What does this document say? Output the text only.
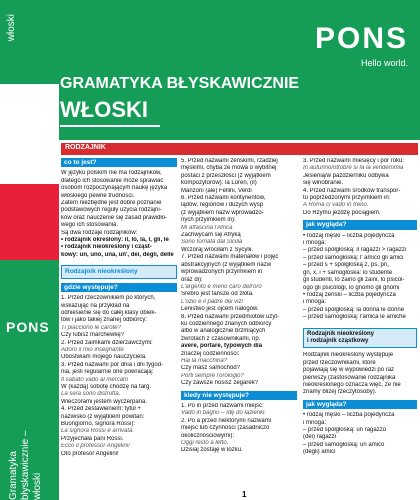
włoski
PONS
Gramatyka błyskawicznie – włoski
PONS
Hello world.
GRAMATYKA BŁYSKAWICZNIE
WŁOSKI
RODZAJNIK
co to jest?
W języku polskim nie ma rodzajników,
dlatego ich stosowanie może sprawiać
osobom rozpoczynającym naukę języka
włoskiego pewne trudności.
Zatem niezbędne jest dobre poznanie
podstawowych reguły użycia rodzajni-
ków oraz nauczenie się zasad prawidło-
wego ich stosowania.
Są dwa rodzaje rodzajników:
• rodzajnik określony: il, lo, la, l, gli, le
• rodzajnik nieokreślony i cząst-
kowy: un, uno, una, un', dei, degli, delle
Rodzajnik nieokreślony
gdzie występuje?
1. Przed rzeczownikiem po których,
wskazując na przykład na
odniesienie się do całej klasy obiek-
tów i jako takiej znanej odbiorcy:
Ti piacciono le carote?
Czy lubisz marchewkę?
2. Przed zaimkami dzierżawczymi:
Adoro il mio insegnante
Ubóstwiam mojego nauczyciela.
3. Przed nazwami pór dnia i dni tygod-
nia, jeśli regularnie one powracają:
Il sabato vado al mercato
W (każdą) sobotę chodzę na targ.
La sera sono distrutta.
Wieczorami jestem wyczerpana.
4. Przed zestawieniem: tytuł +
nazwisko (z wyjątkiem powitań:
Buongiorno, signora Rossi):
La signora Rossi è arrivata.
Przyjechała pani Rossi.
Ecco il professor Angelini!
Oto profesor Angelini!
5. Przed nazwami żeńskimi, rzadziej
męskimi, chyba że mowa o wybitnej
postaci z przeszłości (z wyjątkiem
kompozytorów): la Loren, (il)
Manzoni (ale) Fellini, Verdi
6. Przed nazwami kontynentów,
lądów, regionów i dużych wysp
(z wyjątkiem nazw wprowadzo-
nych przyimkiem in):
Mi affascina l'Africa
Zachwycam się Afryką
Sono tornata dal Sicilia
Wczoraj wróciłam z Sycylii.
7. Przed nazwami materiałów i pojęć
abstrakcyjnych (z wyjątkiem nazw
wprowadzonych przyimkiem in
oraz di):
L'argento è meno caro dell'oro
Srebro jest tańsze od złota.
L'ozio è il padre dei vizi
Lenistwo jest ojcem nałogów.
8. Przed nazwami przedmiotów użyt-
ku codziennego znanych odbiorcy
albo w analogicznie brzmiących
zwrotach z czasownikami, np.
avere, portare, typowych dla
znaczej codzienności:
Hai la macchina?
Czy masz samochód?
Porti sempre l'orologio?
Czy zawsze nosisz zegarek?
kiedy nie występuje?
1. Po in przed nazwami miejsc:
Vado in bagno – Idę do łazienki.
2. Po a przed niektórymi nazwami
miejsc lub czynności (zasadniczo
okolicznościowymi):
Oggi resto a letto.
Dzisiaj zostaję w łóżku.
3. Przed nazwami miesięcy i pór roku:
In autunno/ottobre si fa la vendemmia
Jesienią/w październiku odbywa
się winobranie.
4. Przed nazwami środków transpor-
tu poprzedzonymi przyimkiem in:
A Roma ci vado in treno.
Do Rzymu jeżdżę pociągiem.
jak wygląda?
• rodzaj męski – liczba pojedyncza
i mnoga:
– przed spółgłoską: il ragazzi > ragazzi
– przed samogłoską: l' amico gli amici
– przed s + spółgłoską z, ps, pn,
gn, x, i + samogłoska: lo studente
gli studenti, lo zaino gli zaini, lo psicol-
ogo gli psicologi, lo gnomo gli gnomi
• rodzaj żeński – liczba pojedyncza
i mnoga:
– przed spółgłoską: la donna le donne
– przed samogłoską: l'amica le amiche
Rodzajnik nieokreślony
i rodzajnik cząstkowy
Rodzajnik nieokreślony występuje
przed rzeczownikami, które
pojawiają się w wypowiedzi po raz
pierwszy (zastosowanie rodzajnika
nieokreślonego oznacza więc, że nie
znamy bliżej rzeczytosoby).
jak wygląda?
• rodzaj męski – liczba pojedyncza
i mnoga:
– przed spółgłoską: un ragazzo
(dei) ragazzi
– przed samogłoską: un amico
(degli) amici
1
